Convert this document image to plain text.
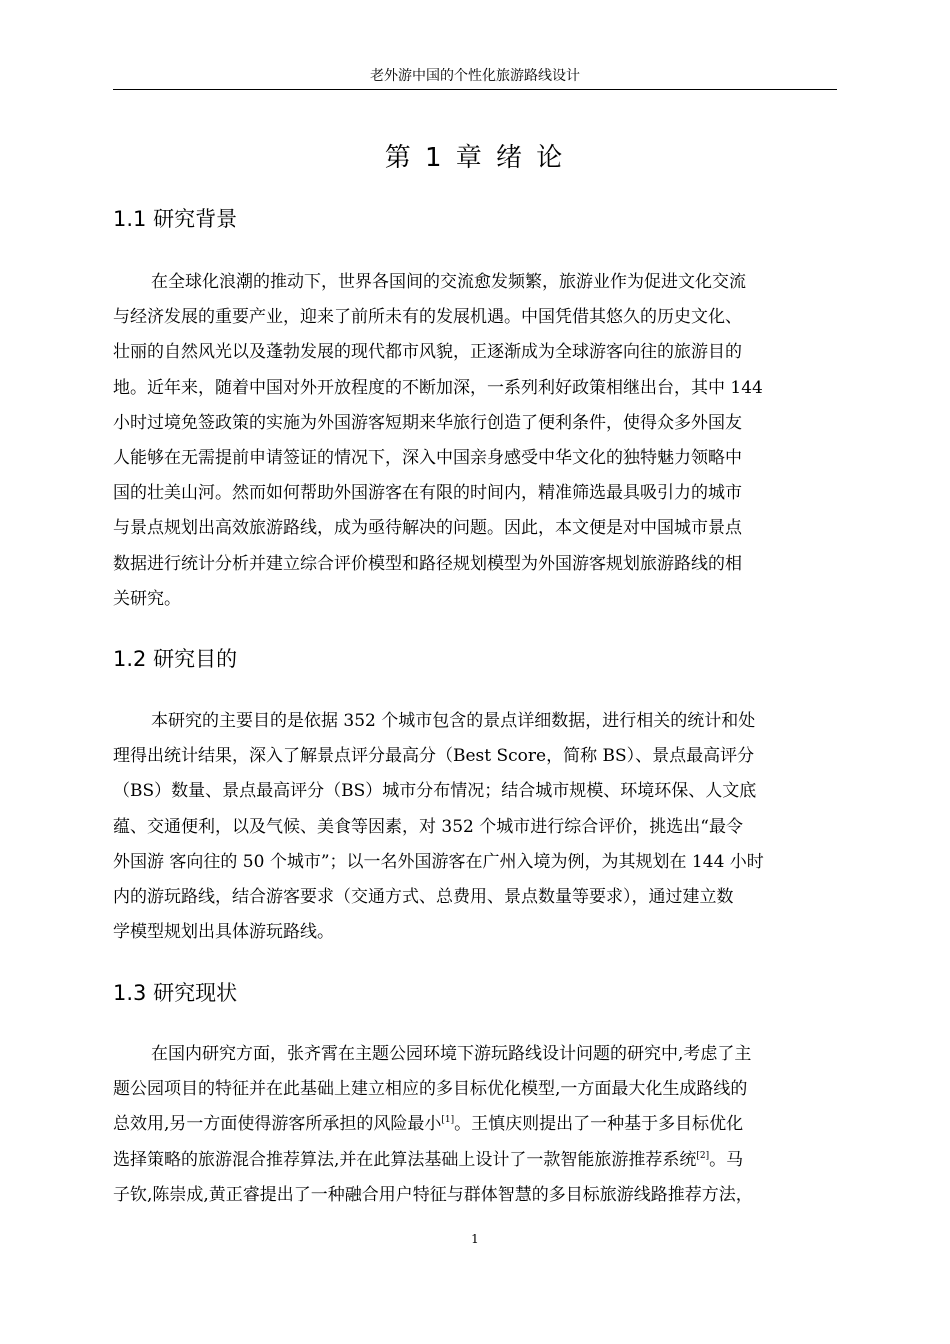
老外游中国的个性化旅游路线设计
第 1 章 绪 论
1.1 研究背景
在全球化浪潮的推动下，世界各国间的交流愈发频繁，旅游业作为促进文化交流
与经济发展的重要产业，迎来了前所未有的发展机遇。中国凭借其悠久的历史文化、
壮丽的自然风光以及蓬勃发展的现代都市风貌，正逐渐成为全球游客向往的旅游目的
地。近年来，随着中国对外开放程度的不断加深，一系列利好政策相继出台，其中 144
小时过境免签政策的实施为外国游客短期来华旅行创造了便利条件，使得众多外国友
人能够在无需提前申请签证的情况下，深入中国亲身感受中华文化的独特魅力领略中
国的壮美山河。然而如何帮助外国游客在有限的时间内，精准筛选最具吸引力的城市
与景点规划出高效旅游路线，成为亟待解决的问题。因此，本文便是对中国城市景点
数据进行统计分析并建立综合评价模型和路径规划模型为外国游客规划旅游路线的相
关研究。
1.2 研究目的
本研究的主要目的是依据 352 个城市包含的景点详细数据，进行相关的统计和处
理得出统计结果，深入了解景点评分最高分（Best Score，简称 BS）、景点最高评分
（BS）数量、景点最高评分（BS）城市分布情况；结合城市规模、环境环保、人文底
蕴、交通便利，以及气候、美食等因素，对 352 个城市进行综合评价，挑选出“最令
外国游 客向往的 50 个城市”；以一名外国游客在广州入境为例，为其规划在 144 小时
内的游玩路线，结合游客要求（交通方式、总费用、景点数量等要求），通过建立数
学模型规划出具体游玩路线。
1.3 研究现状
在国内研究方面，张齐霄在主题公园环境下游玩路线设计问题的研究中,考虑了主
题公园项目的特征并在此基础上建立相应的多目标优化模型,一方面最大化生成路线的
总效用,另一方面使得游客所承担的风险最小[1]。王慎庆则提出了一种基于多目标优化
选择策略的旅游混合推荐算法,并在此算法基础上设计了一款智能旅游推荐系统[2]。马
子钦,陈崇成,黄正睿提出了一种融合用户特征与群体智慧的多目标旅游线路推荐方法，
1
